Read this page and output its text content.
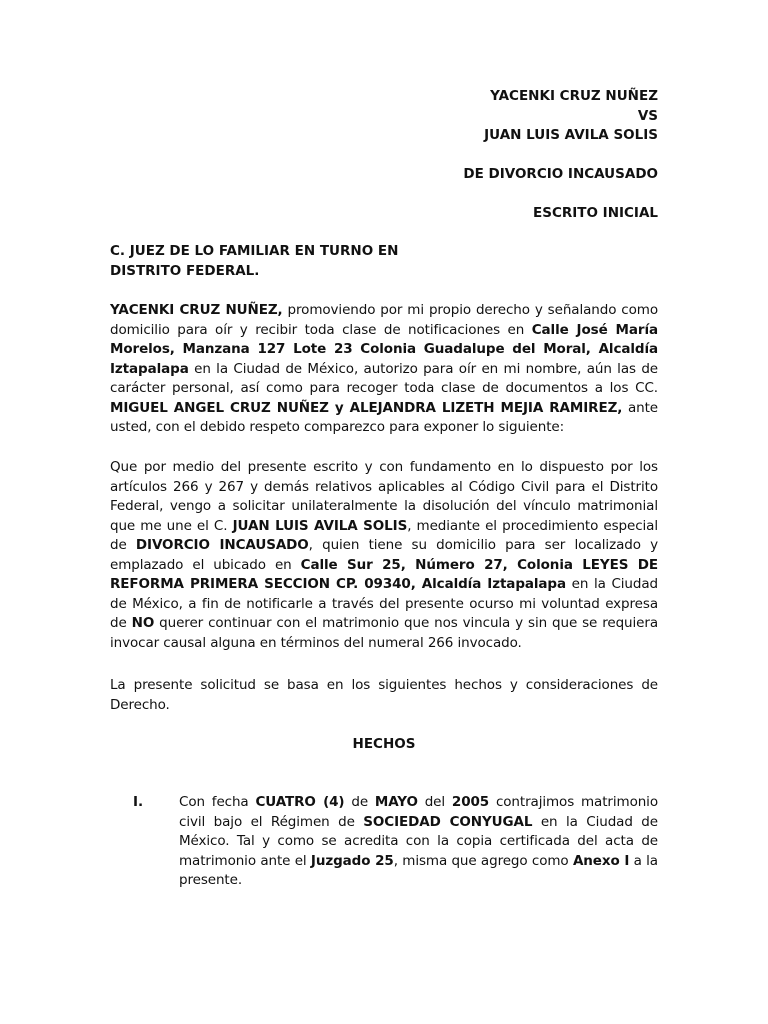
YACENKI CRUZ NUÑEZ
VS
JUAN LUIS AVILA SOLIS
DE DIVORCIO INCAUSADO
ESCRITO INICIAL
C. JUEZ DE LO FAMILIAR EN TURNO EN
DISTRITO FEDERAL.
YACENKI CRUZ NUÑEZ, promoviendo por mi propio derecho y señalando como domicilio para oír y recibir toda clase de notificaciones en Calle José María Morelos, Manzana 127 Lote 23 Colonia Guadalupe del Moral, Alcaldía Iztapalapa en la Ciudad de México, autorizo para oír en mi nombre, aún las de carácter personal, así como para recoger toda clase de documentos a los CC. MIGUEL ANGEL CRUZ NUÑEZ y ALEJANDRA LIZETH MEJIA RAMIREZ, ante usted, con el debido respeto comparezco para exponer lo siguiente:
Que por medio del presente escrito y con fundamento en lo dispuesto por los artículos 266 y 267 y demás relativos aplicables al Código Civil para el Distrito Federal, vengo a solicitar unilateralmente la disolución del vínculo matrimonial que me une el C. JUAN LUIS AVILA SOLIS, mediante el procedimiento especial de DIVORCIO INCAUSADO, quien tiene su domicilio para ser localizado y emplazado el ubicado en Calle Sur 25, Número 27, Colonia LEYES DE REFORMA PRIMERA SECCION CP. 09340, Alcaldía Iztapalapa en la Ciudad de México, a fin de notificarle a través del presente ocurso mi voluntad expresa de NO querer continuar con el matrimonio que nos vincula y sin que se requiera invocar causal alguna en términos del numeral 266 invocado.
La presente solicitud se basa en los siguientes hechos y consideraciones de Derecho.
HECHOS
I.	Con fecha CUATRO (4) de MAYO del 2005 contrajimos matrimonio civil bajo el Régimen de SOCIEDAD CONYUGAL en la Ciudad de México. Tal y como se acredita con la copia certificada del acta de matrimonio ante el Juzgado 25, misma que agrego como Anexo I a la presente.
